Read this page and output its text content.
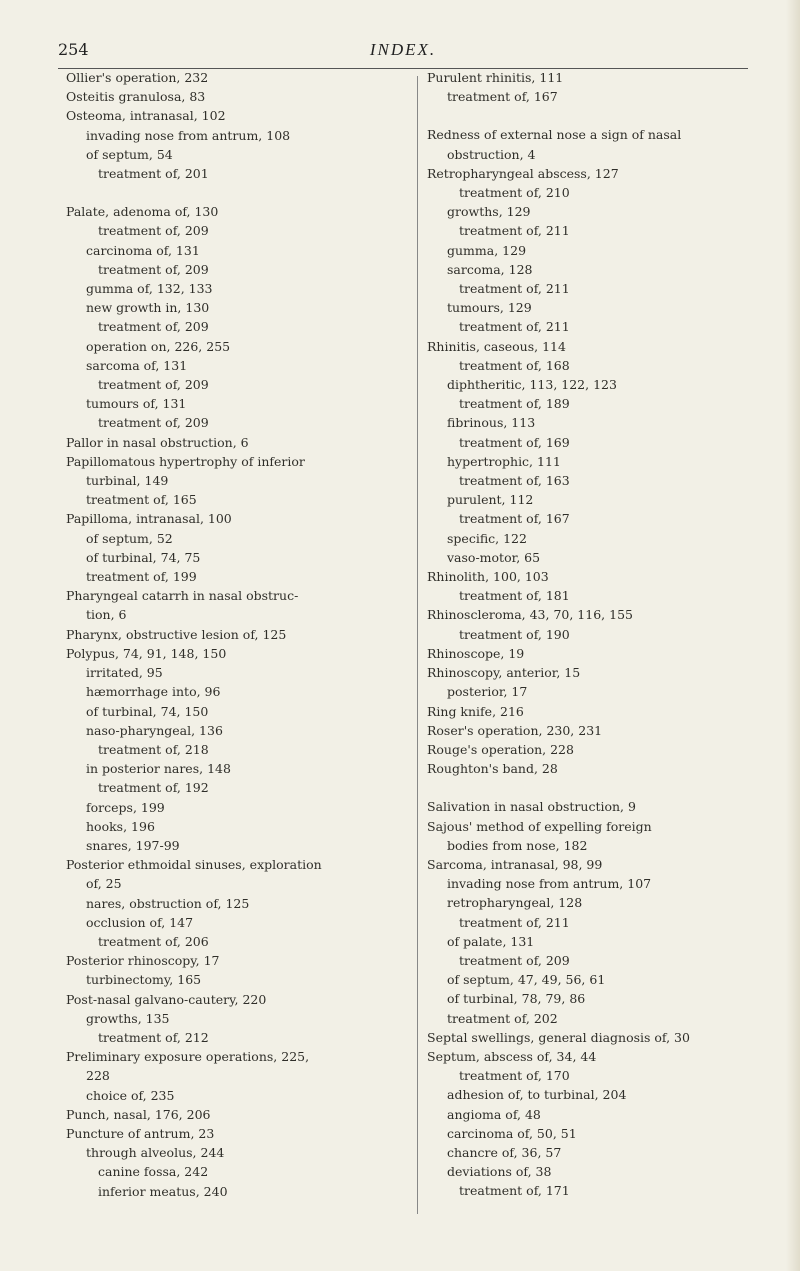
254	INDEX.
Ollier's operation, 232
Osteitis granulosa, 83
Osteoma, intranasal, 102
invading nose from antrum, 108
of septum, 54
treatment of, 201
Palate, adenoma of, 130
treatment of, 209
carcinoma of, 131
treatment of, 209
gumma of, 132, 133
new growth in, 130
treatment of, 209
operation on, 226, 255
sarcoma of, 131
treatment of, 209
tumours of, 131
treatment of, 209
Pallor in nasal obstruction, 6
Papillomatous hypertrophy of inferior
turbinal, 149
treatment of, 165
Papilloma, intranasal, 100
of septum, 52
of turbinal, 74, 75
treatment of, 199
Pharyngeal catarrh in nasal obstruc-
tion, 6
Pharynx, obstructive lesion of, 125
Polypus, 74, 91, 148, 150
irritated, 95
hæmorrhage into, 96
of turbinal, 74, 150
naso-pharyngeal, 136
treatment of, 218
in posterior nares, 148
treatment of, 192
forceps, 199
hooks, 196
snares, 197-99
Posterior ethmoidal sinuses, exploration
of, 25
nares, obstruction of, 125
occlusion of, 147
treatment of, 206
Posterior rhinoscopy, 17
turbinectomy, 165
Post-nasal galvano-cautery, 220
growths, 135
treatment of, 212
Preliminary exposure operations, 225,
228
choice of, 235
Punch, nasal, 176, 206
Puncture of antrum, 23
through alveolus, 244
canine fossa, 242
inferior meatus, 240
Purulent rhinitis, 111
treatment of, 167
Redness of external nose a sign of nasal
obstruction, 4
Retropharyngeal abscess, 127
treatment of, 210
growths, 129
treatment of, 211
gumma, 129
sarcoma, 128
treatment of, 211
tumours, 129
treatment of, 211
Rhinitis, caseous, 114
treatment of, 168
diphtheritic, 113, 122, 123
treatment of, 189
fibrinous, 113
treatment of, 169
hypertrophic, 111
treatment of, 163
purulent, 112
treatment of, 167
specific, 122
vaso-motor, 65
Rhinolith, 100, 103
treatment of, 181
Rhinoscleroma, 43, 70, 116, 155
treatment of, 190
Rhinoscope, 19
Rhinoscopy, anterior, 15
posterior, 17
Ring knife, 216
Roser's operation, 230, 231
Rouge's operation, 228
Roughton's band, 28
Salivation in nasal obstruction, 9
Sajous' method of expelling foreign
bodies from nose, 182
Sarcoma, intranasal, 98, 99
invading nose from antrum, 107
retropharyngeal, 128
treatment of, 211
of palate, 131
treatment of, 209
of septum, 47, 49, 56, 61
of turbinal, 78, 79, 86
treatment of, 202
Septal swellings, general diagnosis of, 30
Septum, abscess of, 34, 44
treatment of, 170
adhesion of, to turbinal, 204
angioma of, 48
carcinoma of, 50, 51
chancre of, 36, 57
deviations of, 38
treatment of, 171
